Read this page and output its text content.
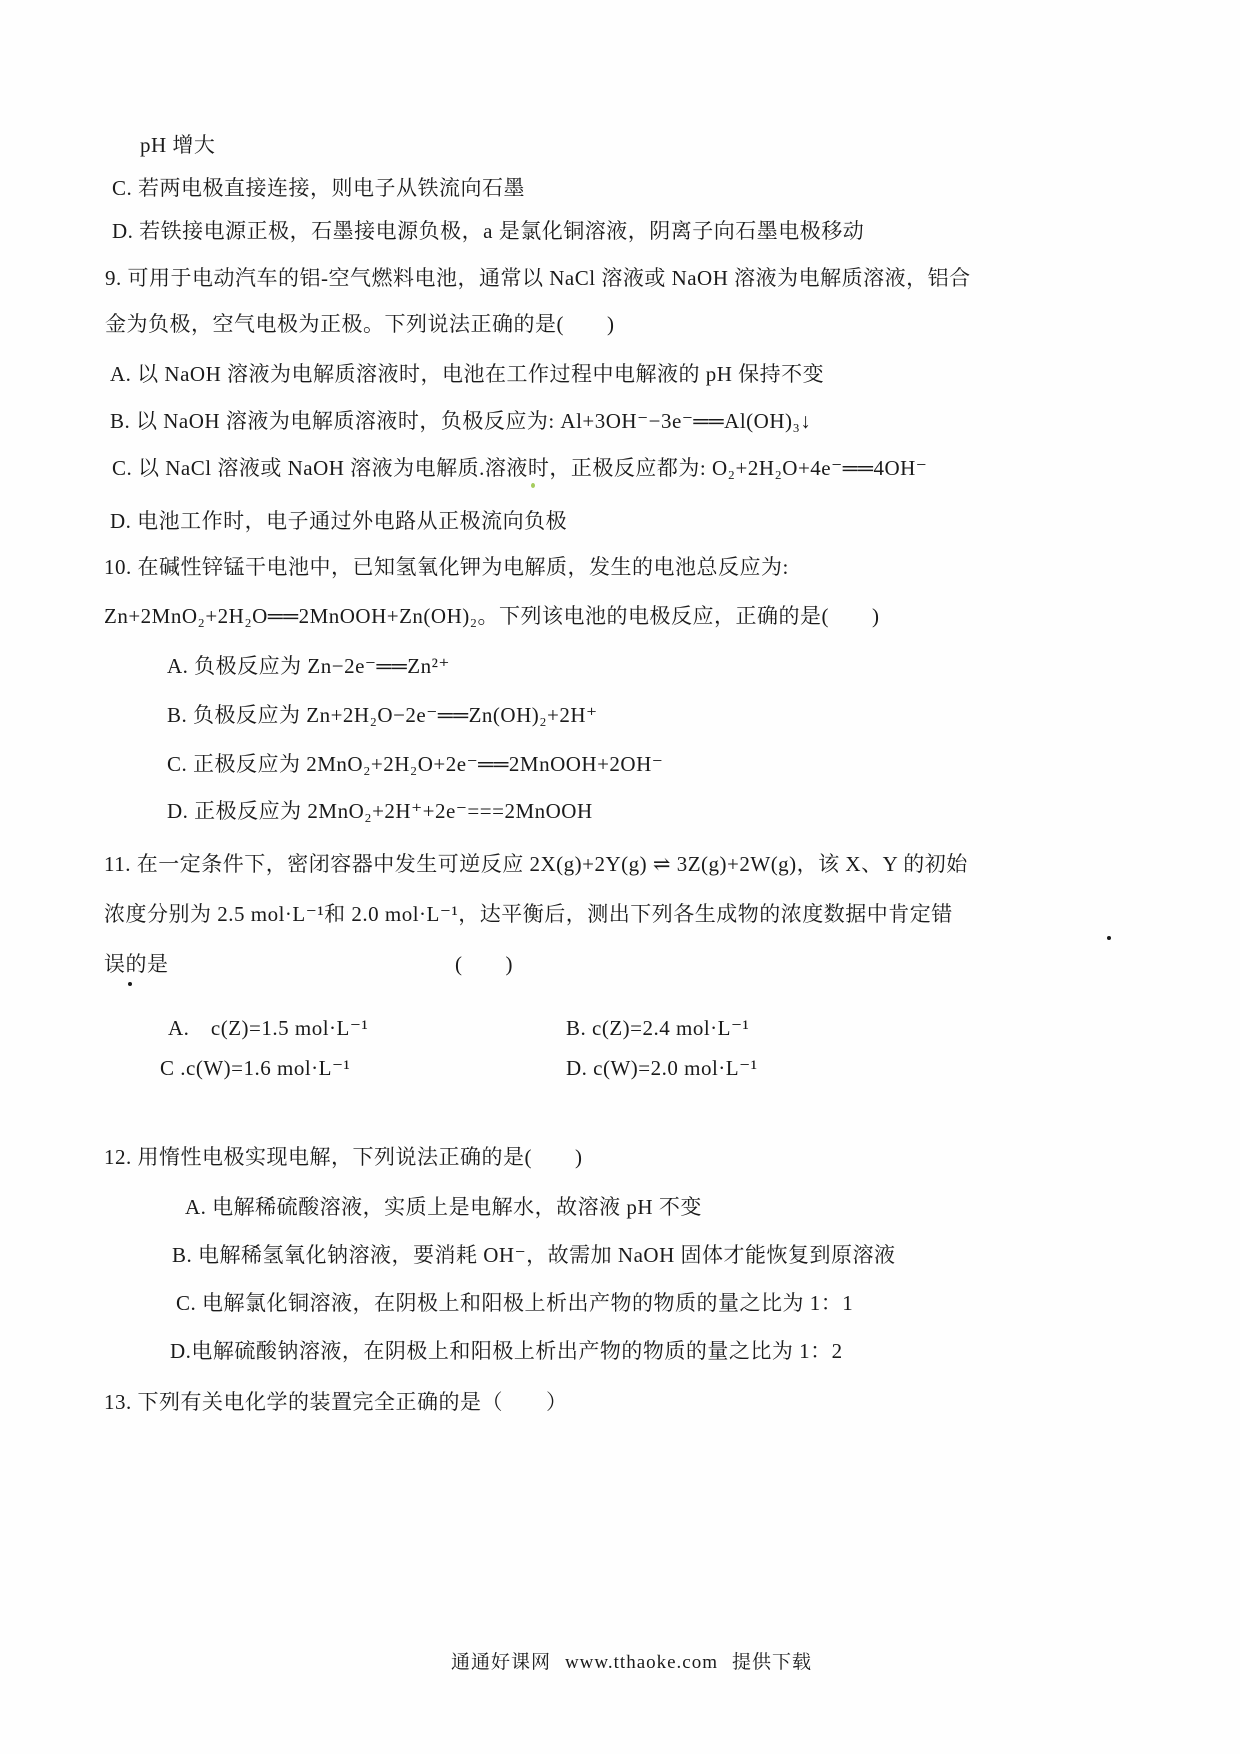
pH 增大
C. 若两电极直接连接，则电子从铁流向石墨
D. 若铁接电源正极，石墨接电源负极，a 是氯化铜溶液，阴离子向石墨电极移动
9. 可用于电动汽车的铝-空气燃料电池，通常以 NaCl 溶液或 NaOH 溶液为电解质溶液，铝合
金为负极，空气电极为正极。下列说法正确的是(　　)
A. 以 NaOH 溶液为电解质溶液时，电池在工作过程中电解液的 pH 保持不变
B. 以 NaOH 溶液为电解质溶液时，负极反应为: Al+3OH⁻−3e⁻══Al(OH)₃↓
C. 以 NaCl 溶液或 NaOH 溶液为电解质.溶液时，正极反应都为: O₂+2H₂O+4e⁻══4OH⁻
D. 电池工作时，电子通过外电路从正极流向负极
10. 在碱性锌锰干电池中，已知氢氧化钾为电解质，发生的电池总反应为:
Zn+2MnO₂+2H₂O══2MnOOH+Zn(OH)₂。下列该电池的电极反应，正确的是(　　)
A. 负极反应为 Zn−2e⁻══Zn²⁺
B. 负极反应为 Zn+2H₂O−2e⁻══Zn(OH)₂+2H⁺
C. 正极反应为 2MnO₂+2H₂O+2e⁻══2MnOOH+2OH⁻
D. 正极反应为 2MnO₂+2H⁺+2e⁻===2MnOOH
11. 在一定条件下，密闭容器中发生可逆反应 2X(g)+2Y(g) ⇌ 3Z(g)+2W(g)，该 X、Y 的初始
浓度分别为 2.5 mol·L⁻¹和 2.0 mol·L⁻¹，达平衡后，测出下列各生成物的浓度数据中肯定错
误的是	(　　)
A.　c(Z)=1.5 mol·L⁻¹	B. c(Z)=2.4 mol·L⁻¹
C .c(W)=1.6 mol·L⁻¹	D. c(W)=2.0 mol·L⁻¹
12. 用惰性电极实现电解，下列说法正确的是(　　)
A. 电解稀硫酸溶液，实质上是电解水，故溶液 pH 不变
B. 电解稀氢氧化钠溶液，要消耗 OH⁻，故需加 NaOH 固体才能恢复到原溶液
C. 电解氯化铜溶液，在阴极上和阳极上析出产物的物质的量之比为 1：1
D.电解硫酸钠溶液，在阴极上和阳极上析出产物的物质的量之比为 1：2
13. 下列有关电化学的装置完全正确的是（　　）

通通好课网 www.tthaoke.com 提供下载
